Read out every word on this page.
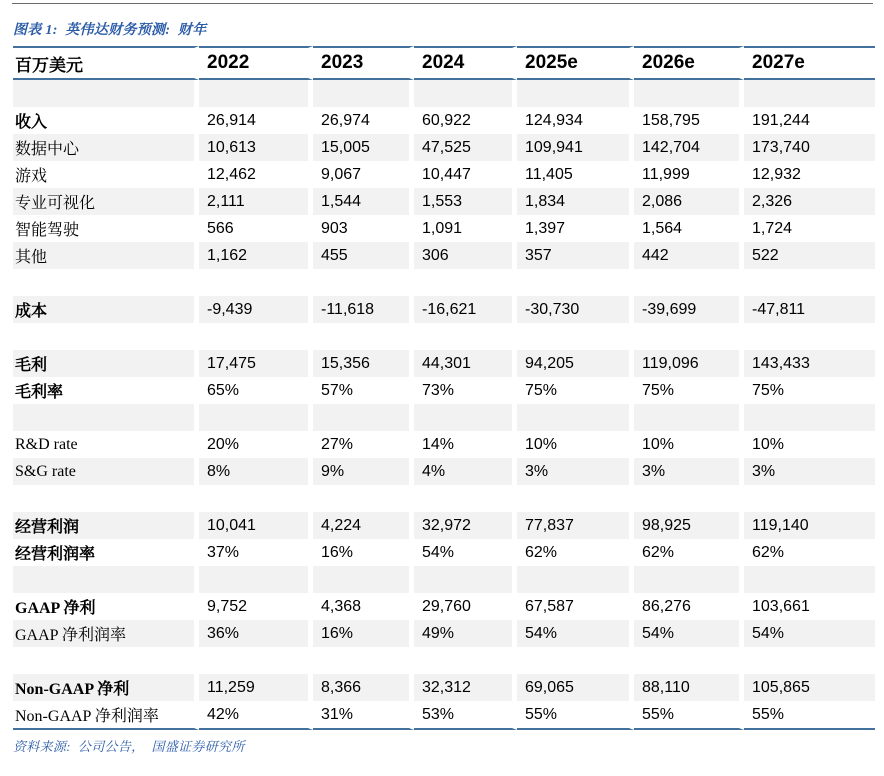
图表 1:  英伟达财务预测:  财年
百万美元	2022	2023	2024	2025e	2026e	2027e

收入	26,914	26,974	60,922	124,934	158,795	191,244
数据中心	10,613	15,005	47,525	109,941	142,704	173,740
游戏	12,462	9,067	10,447	11,405	11,999	12,932
专业可视化	2,111	1,544	1,553	1,834	2,086	2,326
智能驾驶	566	903	1,091	1,397	1,564	1,724
其他	1,162	455	306	357	442	522

成本	-9,439	-11,618	-16,621	-30,730	-39,699	-47,811

毛利	17,475	15,356	44,301	94,205	119,096	143,433
毛利率	65%	57%	73%	75%	75%	75%

R&D rate	20%	27%	14%	10%	10%	10%
S&G rate	8%	9%	4%	3%	3%	3%

经营利润	10,041	4,224	32,972	77,837	98,925	119,140
经营利润率	37%	16%	54%	62%	62%	62%

GAAP 净利	9,752	4,368	29,760	67,587	86,276	103,661
GAAP 净利润率	36%	16%	49%	54%	54%	54%

Non-GAAP 净利	11,259	8,366	32,312	69,065	88,110	105,865
Non-GAAP 净利润率	42%	31%	53%	55%	55%	55%
资料来源:  公司公告，  国盛证券研究所
